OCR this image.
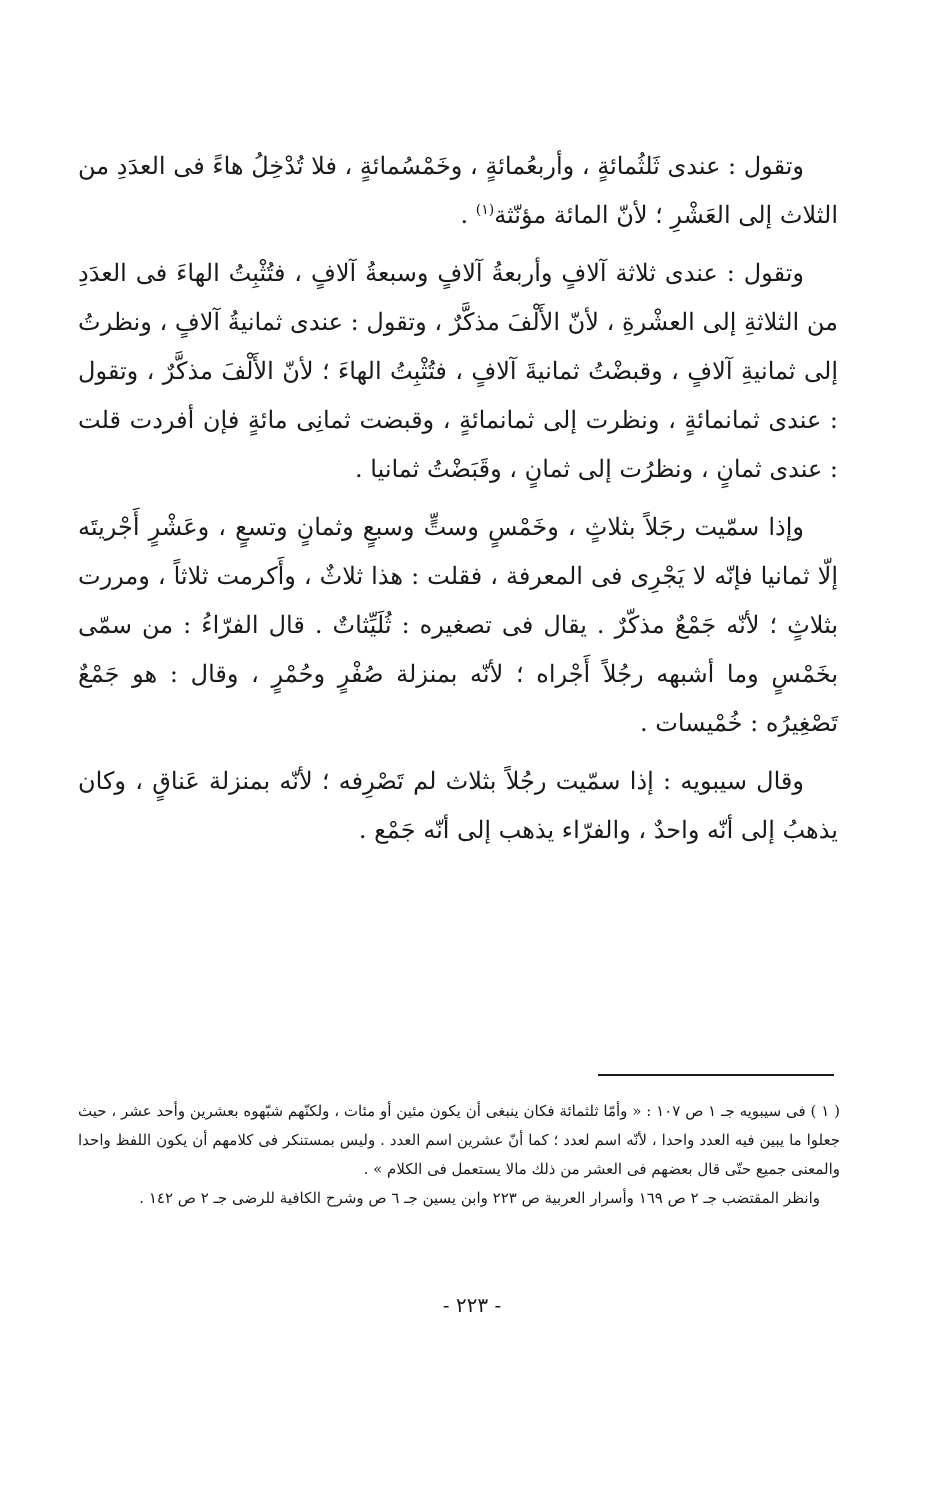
وتقول : عندى ثَلثُمائةٍ ، وأربعُمائةٍ ، وخَمْسُمائةٍ ، فلا تُدْخِلُ هاءً فى العدَدِ من الثلاث إلى العَشْرِ ؛ لأنّ المائة مؤنّثة$^{(١)}$ .

وتقول : عندى ثلاثة آلافٍ وأربعةُ آلافٍ وسبعةُ آلافٍ ، فتُثْبِتُ الهاءَ فى العدَدِ من الثلاثةِ إلى العشْرةِ ، لأنّ الأَلْفَ مذكَّرٌ ، وتقول : عندى ثمانيةُ آلافٍ ، ونظرتُ إلى ثمانيةِ آلافٍ ، وقبضْتُ ثمانيةَ آلافٍ ، فتُثْبِتُ الهاءَ ؛ لأنّ الأَلْفَ مذكَّرٌ ، وتقول : عندى ثمانمائةٍ ، ونظرت إلى ثمانمائةٍ ، وقبضت ثمانِى مائةٍ فإن أفردت قلت : عندى ثمانٍ ، ونظرُت إلى ثمانٍ ، وقَبَضْتُ ثمانيا .

وإذا سمّيت رجَلاً بثلاثٍ ، وخَمْسٍ وستٍّ وسبعٍ وثمانٍ وتسعٍ ، وعَشْرٍ أَجْريتَه إلّا ثمانيا فإنّه لا يَجْرِى فى المعرفة ، فقلت : هذا ثلاثٌ ، وأَكرمت ثلاثاً ، ومررت بثلاثٍ ؛ لأنّه جَمْعٌ مذكّرٌ . يقال فى تصغيره : ثُلَيِّثاتٌ . قال الفرّاءُ : من سمّى بخَمْسٍ وما أشبهه رجُلاً أَجْراه ؛ لأنّه بمنزلة صُفْرٍ وحُمْرٍ ، وقال : هو جَمْعٌ تَصْغِيرُه : خُمْيسات .

وقال سيبويه : إذا سمّيت رجُلاً بثلاث لم تَصْرِفه ؛ لأنّه بمنزلة عَناقٍ ، وكان يذهبُ إلى أنّه واحدٌ ، والفرّاء يذهب إلى أنّه جَمْع .

( ١ ) فى سيبويه جـ ١ ص ١٠٧ : « وأمّا ثلثمائة فكان ينبغى أن يكون مئين أو مئات ، ولكنّهم شبّهوه بعشرين وأحد عشر ، حيث جعلوا ما يبين فيه العدد واحدا ، لأنّه اسم لعدد ؛ كما أنّ عشرين اسم العدد . وليس بمستنكر فى كلامهم أن يكون اللفظ واحدا والمعنى جميع حتّى قال بعضهم فى العشر من ذلك مالا يستعمل فى الكلام » .

وانظر المقتضب جـ ٢ ص ١٦٩ وأسرار العربية ص ٢٢٣ وابن يسين جـ ٦ ص وشرح الكافية للرضى جـ ٢ ص ١٤٢ .

- ٢٢٣ -
